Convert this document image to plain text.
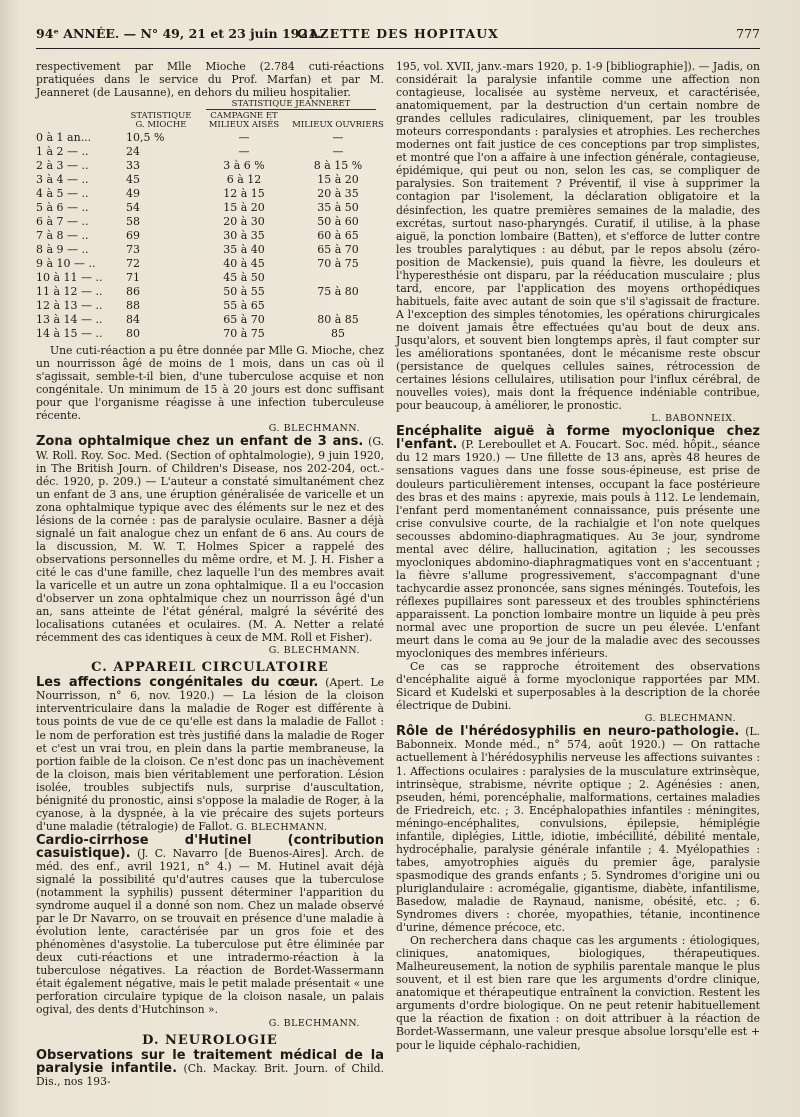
94ᵉ ANNÉE. — N° 49, 21 et 23 juin 1921.
GAZETTE DES HOPITAUX	777

respectivement par Mlle Mioche (2.784 cuti-réactions pratiquées dans le service du Prof. Marfan) et par M. Jeanneret (de Lausanne), en dehors du milieu hospitalier.

STATISTIQUE JEANNERET
	STATISTIQUE G. MIOCHE	CAMPAGNE ET MILIEUX AISÉS	MILIEUX OUVRIERS
0 à 1 an...	10,5 %	—	—
1 à 2 — ..	24	—	—
2 à 3 — ..	33	3 à 6 %	8 à 15 %
3 à 4 — ..	45	6 à 12	15 à 20
4 à 5 — ..	49	12 à 15	20 à 35
5 à 6 — ..	54	15 à 20	35 à 50
6 à 7 — ..	58	20 à 30	50 à 60
7 à 8 — ..	69	30 à 35	60 à 65
8 à 9 — ..	73	35 à 40	65 à 70
9 à 10 — ..	72	40 à 45	70 à 75
10 à 11 — ..	71	45 à 50	
11 à 12 — ..	86	50 à 55	75 à 80
12 à 13 — ..	88	55 à 65	
13 à 14 — ..	84	65 à 70	80 à 85
14 à 15 — ..	80	70 à 75	85

Une cuti-réaction a pu être donnée par Mlle G. Mioche, chez un nourrisson âgé de moins de 1 mois, dans un cas où il s'agissait, semble-t-il bien, d'une tuberculose acquise et non congénitale. Un minimum de 15 à 20 jours est donc suffisant pour que l'organisme réagisse à une infection tuberculeuse récente.

G. BLECHMANN.

Zona ophtalmique chez un enfant de 3 ans. (G. W. Roll. Roy. Soc. Med. (Section of ophtalmologie), 9 juin 1920, in The British Journ. of Children's Disease, nos 202-204, oct.-déc. 1920, p. 209.) — L'auteur a constaté simultanément chez un enfant de 3 ans, une éruption généralisée de varicelle et un zona ophtalmique typique avec des éléments sur le nez et des lésions de la cornée : pas de paralysie oculaire. Basner a déjà signalé un fait analogue chez un enfant de 6 ans. Au cours de la discussion, M. W. T. Holmes Spicer a rappelé des observations personnelles du même ordre, et M. J. H. Fisher a cité le cas d'une famille, chez laquelle l'un des membres avait la varicelle et un autre un zona ophtalmique. Il a eu l'occasion d'observer un zona ophtalmique chez un nourrisson âgé d'un an, sans atteinte de l'état général, malgré la sévérité des localisations cutanées et oculaires. (M. A. Netter a relaté récemment des cas identiques à ceux de MM. Roll et Fisher).

G. BLECHMANN.
C. APPAREIL CIRCULATOIRE

Les affections congénitales du cœur. (Apert. Le Nourrisson, n° 6, nov. 1920.) — La lésion de la cloison interventriculaire dans la maladie de Roger est différente à tous points de vue de ce qu'elle est dans la maladie de Fallot : le nom de perforation est très justifié dans la maladie de Roger et c'est un vrai trou, en plein dans la partie membraneuse, la portion faible de la cloison. Ce n'est donc pas un inachèvement de la cloison, mais bien véritablement une perforation. Lésion isolée, troubles subjectifs nuls, surprise d'auscultation, bénignité du pronostic, ainsi s'oppose la maladie de Roger, à la cyanose, à la dyspnée, à la vie précaire des sujets porteurs d'une maladie (tétralogie) de Fallot. G. BLECHMANN.

Cardio-cirrhose d'Hutinel (contribution casuistique). (J. C. Navarro [de Buenos-Aires]. Arch. de méd. des enf., avril 1921, n° 4.) — M. Hutinel avait déjà signalé la possibilité qu'd'autres causes que la tuberculose (notamment la syphilis) pussent déterminer l'apparition du syndrome auquel il a donné son nom. Chez un malade observé par le Dr Navarro, on se trouvait en présence d'une maladie à évolution lente, caractérisée par un gros foie et des phénomènes d'asystolie. La tuberculose put être éliminée par deux cuti-réactions et une intradermo-réaction à la tuberculose négatives. La réaction de Bordet-Wassermann était également négative, mais le petit malade présentait « une perforation circulaire typique de la cloison nasale, un palais ogival, des dents d'Hutchinson ».

G. BLECHMANN.
D. NEUROLOGIE

Observations sur le traitement médical de la paralysie infantile. (Ch. Mackay. Brit. Journ. of Child. Dis., nos 193-

195, vol. XVII, janv.-mars 1920, p. 1-9 [bibliographie]). — Jadis, on considérait la paralysie infantile comme une affection non contagieuse, localisée au système nerveux, et caractérisée, anatomiquement, par la destruction d'un certain nombre de grandes cellules radiculaires, cliniquement, par les troubles moteurs correspondants : paralysies et atrophies. Les recherches modernes ont fait justice de ces conceptions par trop simplistes, et montré que l'on a affaire à une infection générale, contagieuse, épidémique, qui peut ou non, selon les cas, se compliquer de paralysies. Son traitement ? Préventif, il vise à supprimer la contagion par l'isolement, la déclaration obligatoire et la désinfection, les quatre premières semaines de la maladie, des excrétas, surtout naso-pharyngés. Curatif, il utilise, à la phase aiguë, la ponction lombaire (Batten), et s'efforce de lutter contre les troubles paralytiques : au début, par le repos absolu (zéro-position de Mackensie), puis quand la fièvre, les douleurs et l'hyperesthésie ont disparu, par la rééducation musculaire ; plus tard, encore, par l'application des moyens orthopédiques habituels, faite avec autant de soin que s'il s'agissait de fracture. A l'exception des simples ténotomies, les opérations chirurgicales ne doivent jamais être effectuées qu'au bout de deux ans. Jusqu'alors, et souvent bien longtemps après, il faut compter sur les améliorations spontanées, dont le mécanisme reste obscur (persistance de quelques cellules saines, rétrocession de certaines lésions cellulaires, utilisation pour l'influx cérébral, de nouvelles voies), mais dont la fréquence indéniable contribue, pour beaucoup, à améliorer, le pronostic.

L. BABONNEIX.

Encéphalite aiguë à forme myoclonique chez l'enfant. (P. Lereboullet et A. Foucart. Soc. méd. hôpit., séance du 12 mars 1920.) — Une fillette de 13 ans, après 48 heures de sensations vagues dans une fosse sous-épineuse, est prise de douleurs particulièrement intenses, occupant la face postérieure des bras et des mains : apyrexie, mais pouls à 112. Le lendemain, l'enfant perd momentanément connaissance, puis présente une crise convulsive courte, de la rachialgie et l'on note quelques secousses abdomino-diaphragmatiques. Au 3e jour, syndrome mental avec délire, hallucination, agitation ; les secousses myocloniques abdomino-diaphragmatiques vont en s'accentuant ; la fièvre s'allume progressivement, s'accompagnant d'une tachycardie assez prononcée, sans signes méningés. Toutefois, les réflexes pupillaires sont paresseux et des troubles sphinctériens apparaissent. La ponction lombaire montre un liquide à peu près normal avec une proportion de sucre un peu élevée. L'enfant meurt dans le coma au 9e jour de la maladie avec des secousses myocloniques des membres inférieurs.

Ce cas se rapproche étroitement des observations d'encéphalite aiguë à forme myoclonique rapportées par MM. Sicard et Kudelski et superposables à la description de la chorée électrique de Dubini.

G. BLECHMANN.

Rôle de l'hérédosyphilis en neuro-pathologie. (L. Babonneix. Monde méd., n° 574, août 1920.) — On rattache actuellement à l'hérédosyphilis nerveuse les affections suivantes : 1. Affections oculaires : paralysies de la musculature extrinsèque, intrinsèque, strabisme, névrite optique ; 2. Agénésies : anen, pseuden, hémi, porencéphalie, malformations, certaines maladies de Friedreich, etc. ; 3. Encéphalopathies infantiles : méningites, méningo-encéphalites, convulsions, épilepsie, hémiplégie infantile, diplégies, Little, idiotie, imbécillité, débilité mentale, hydrocéphalie, paralysie générale infantile ; 4. Myélopathies : tabes, amyotrophies aiguës du premier âge, paralysie spasmodique des grands enfants ; 5. Syndromes d'origine uni ou pluriglandulaire : acromégalie, gigantisme, diabète, infantilisme, Basedow, maladie de Raynaud, nanisme, obésité, etc. ; 6. Syndromes divers : chorée, myopathies, tétanie, incontinence d'urine, démence précoce, etc.

On recherchera dans chaque cas les arguments : étiologiques, cliniques, anatomiques, biologiques, thérapeutiques. Malheureusement, la notion de syphilis parentale manque le plus souvent, et il est bien rare que les arguments d'ordre clinique, anatomique et thérapeutique entraînent la conviction. Restent les arguments d'ordre biologique. On ne peut retenir habituellement que la réaction de fixation : on doit attribuer à la réaction de Bordet-Wassermann, une valeur presque absolue lorsqu'elle est + pour le liquide céphalo-rachidien,
